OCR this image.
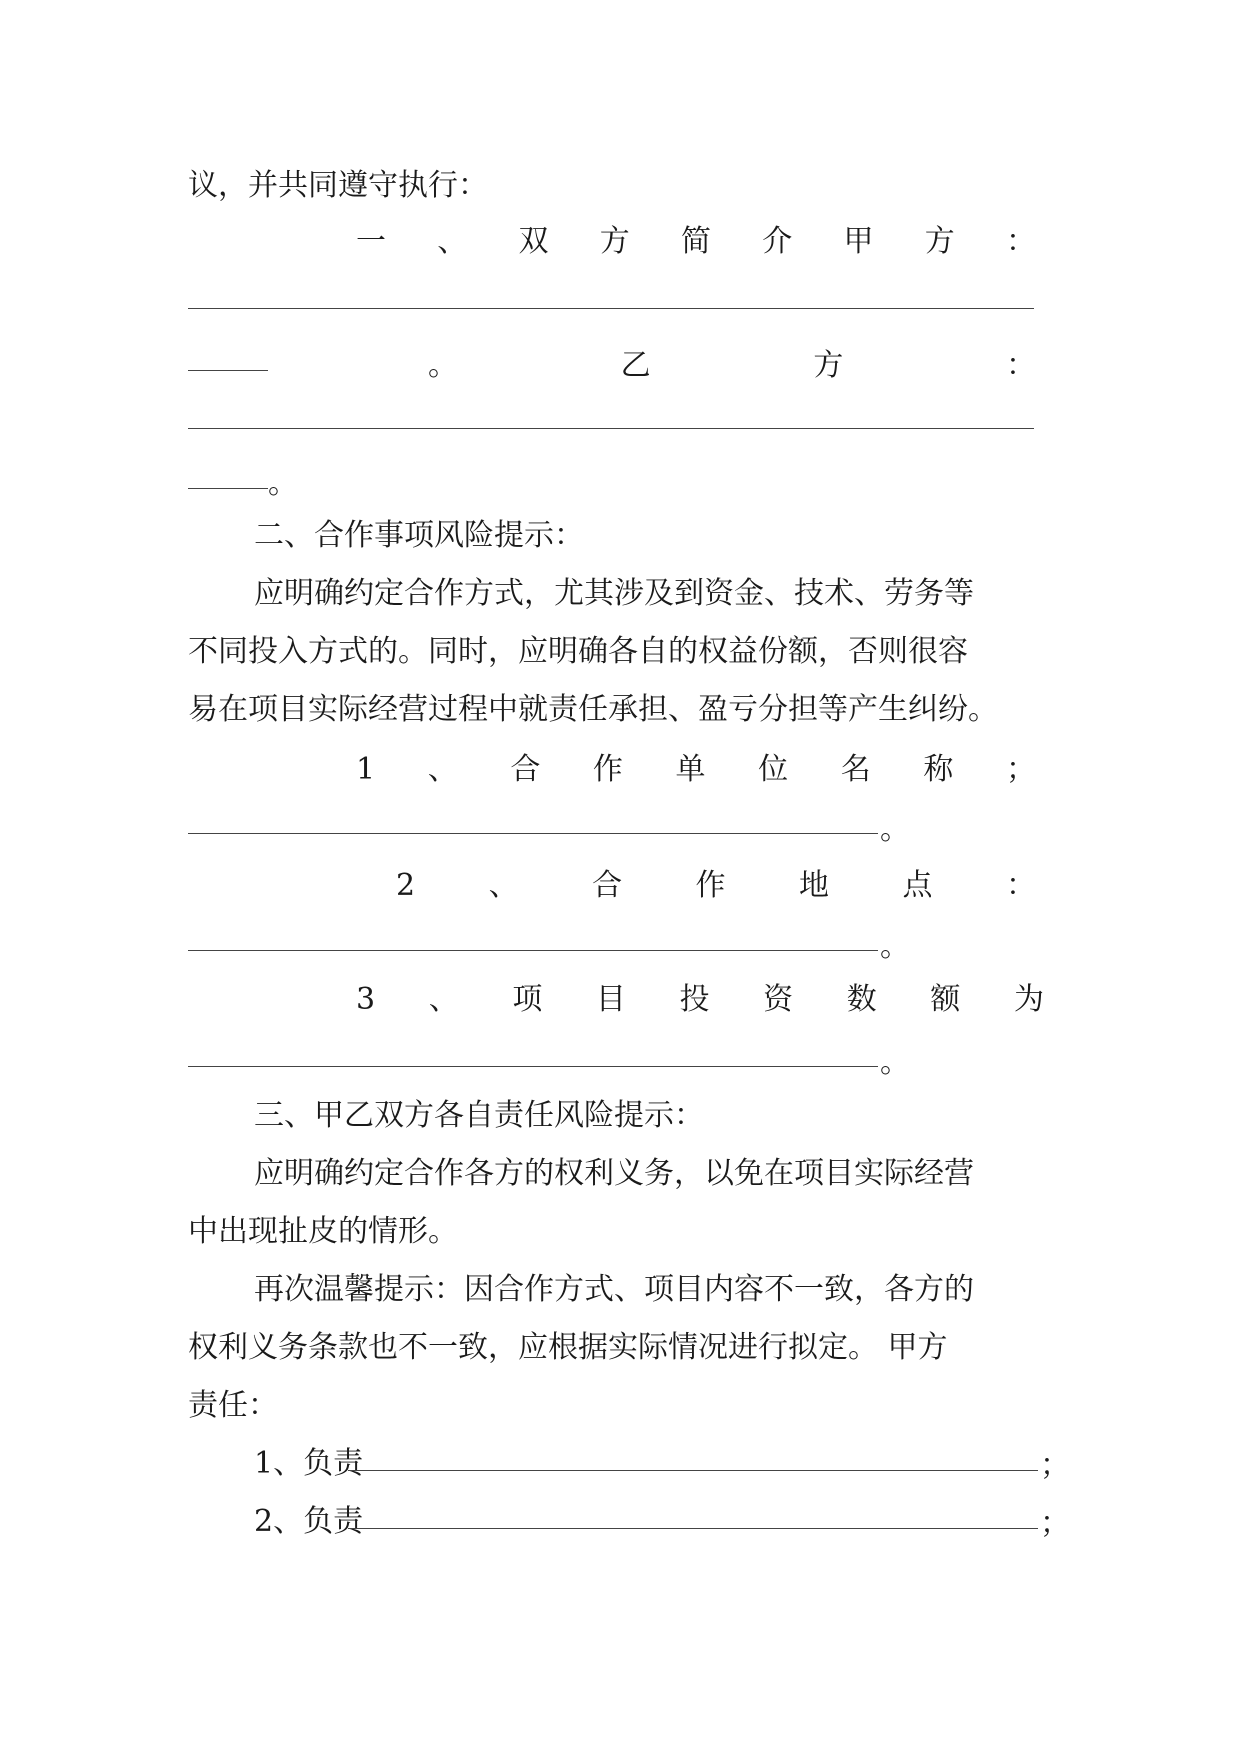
议，并共同遵守执行：
一 、 双 方 简 介 甲 方 ：
。	乙	方	：
。
二、合作事项风险提示：
应明确约定合作方式，尤其涉及到资金、技术、劳务等
不同投入方式的。同时，应明确各自的权益份额，否则很容
易在项目实际经营过程中就责任承担、盈亏分担等产生纠纷。
1 、 合 作 单 位 名 称 ；
。
2 、 合 作 地 点 ：
。
3 、 项 目 投 资 数 额 为
。
三、甲乙双方各自责任风险提示：
应明确约定合作各方的权利义务，以免在项目实际经营
中出现扯皮的情形。
再次温馨提示：因合作方式、项目内容不一致，各方的
权利义务条款也不一致，应根据实际情况进行拟定。 甲方
责任：
1、负责	；
2、负责	；
